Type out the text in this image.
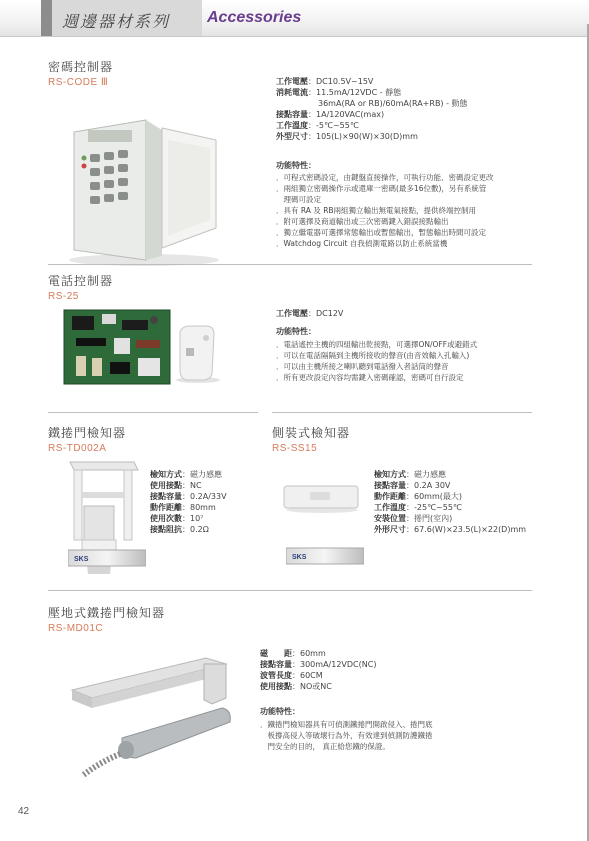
週邊器材系列 Accessories
密碼控制器
RS-CODE Ⅲ	工作電壓：DC10.5V~15V
消耗電流：11.5mA/12VDC - 靜態
36mA(RA or RB)/60mA(RA+RB) - 動態
接點容量：1A/120VAC(max)
工作溫度：-5℃~55℃
外型尺寸：105(L)×90(W)×30(D)mm
功能特性：
．可程式密碼設定，由鍵盤直接操作，可執行功能、密碼設定更改
．兩組獨立密碼操作示或還庫一密碼(最多16位數)，另有系統管
　理碼可設定
．具有 RA 及 RB兩組獨立輸出無電氣接點，提供終端控制用
．附可選擇及商道輸出或三次密碼鍵入錯誤接點輸出
．獨立繼電器可選擇常態輸出或暫態輸出，暫態輸出時間可設定
．Watchdog Circuit 自我偵測電路以防止系統當機
電話控制器
RS-25
工作電壓：DC12V
功能特性：
．電話遙控主機的四組輸出乾接點，可選擇ON/OFF或避錯式
．可以在電話隔隔到主機所接收的聲音(由音效輸入孔輸入)
．可以由主機所接之喇叭聽到電話撥入者話筒的聲音
．所有更改設定內容均需鍵入密碼確認，密碼可自行設定
鐵捲門檢知器
RS-TD002A
SKS
檢知方式：磁力感應
使用接點：NC
接點容量：0.2A/33V
動作距離：80mm
使用次數：10⁷
接點阻抗：0.2Ω
側裝式檢知器
RS-SS15
SKS
檢知方式：磁力感應
接點容量：0.2A 30V
動作距離：60mm(最大)
工作溫度：-25℃~55℃
安裝位置：捲門(室內)
外形尺寸：67.6(W)×23.5(L)×22(D)mm
壓地式鐵捲門檢知器
RS-MD01C
磁　　距：60mm
接點容量：300mA/12VDC(NC)
波管長度：60CM
使用接點：NO或NC
功能特性：
．鐵捲門檢知器具有可偵測鐵捲門開啟侵入、捲門底
　板撐高侵入等破壞行為外，有效達到偵測防護鐵捲
　門安全的目的， 真正給您鐵的保證。
42
